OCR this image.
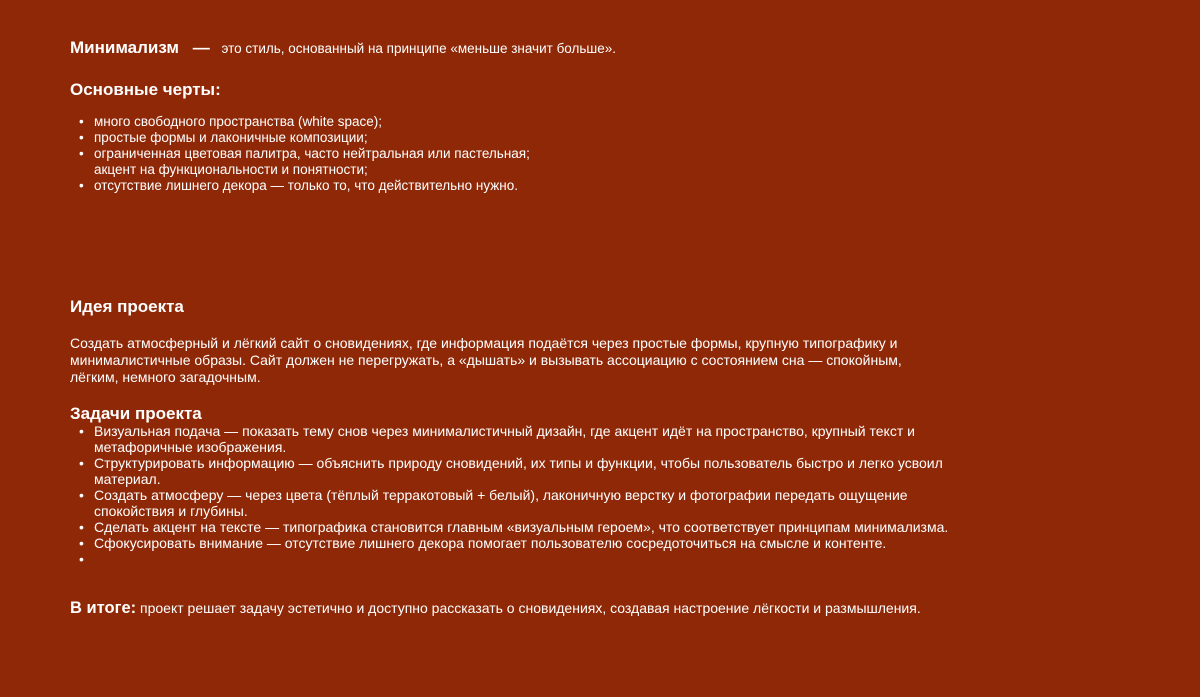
Минимализм — это стиль, основанный на принципе «меньше значит больше».
Основные черты:
• много свободного пространства (white space);
• простые формы и лаконичные композиции;
• ограниченная цветовая палитра, часто нейтральная или пастельная;
акцент на функциональности и понятности;
• отсутствие лишнего декора — только то, что действительно нужно.
Идея проекта

Создать атмосферный и лёгкий сайт о сновидениях, где информация подаётся через простые формы, крупную типографику и минималистичные образы. Сайт должен не перегружать, а «дышать» и вызывать ассоциацию с состоянием сна — спокойным, лёгким, немного загадочным.

Задачи проекта
• Визуальная подача — показать тему снов через минималистичный дизайн, где акцент идёт на пространство, крупный текст и метафоричные изображения.
• Структурировать информацию — объяснить природу сновидений, их типы и функции, чтобы пользователь быстро и легко усвоил материал.
• Создать атмосферу — через цвета (тёплый терракотовый + белый), лаконичную верстку и фотографии передать ощущение спокойствия и глубины.
• Сделать акцент на тексте — типографика становится главным «визуальным героем», что соответствует принципам минимализма.
• Сфокусировать внимание — отсутствие лишнего декора помогает пользователю сосредоточиться на смысле и контенте.
•

В итоге: проект решает задачу эстетично и доступно рассказать о сновидениях, создавая настроение лёгкости и размышления.
